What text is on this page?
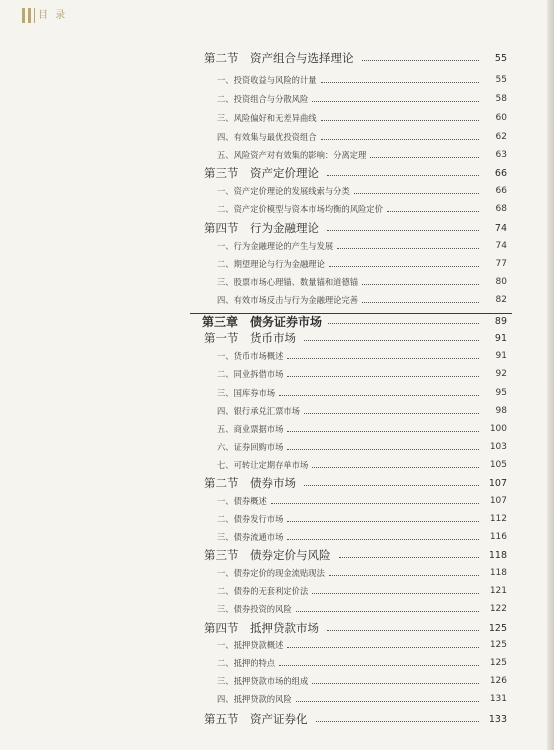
目 录
第二节　资产组合与选择理论	55
一、投资收益与风险的计量	55
二、投资组合与分散风险	58
三、风险偏好和无差异曲线	60
四、有效集与最优投资组合	62
五、风险资产对有效集的影响：分离定理	63
第三节　资产定价理论	66
一、资产定价理论的发展线索与分类	66
二、资产定价模型与资本市场均衡的风险定价	68
第四节　行为金融理论	74
一、行为金融理论的产生与发展	74
二、期望理论与行为金融理论	77
三、股票市场心理锚、数量锚和道德锚	80
四、有效市场反击与行为金融理论完善	82
第三章　债务证券市场	89
第一节　货币市场	91
一、货币市场概述	91
二、同业拆借市场	92
三、国库券市场	95
四、银行承兑汇票市场	98
五、商业票据市场	100
六、证券回购市场	103
七、可转让定期存单市场	105
第二节　债券市场	107
一、债券概述	107
二、债券发行市场	112
三、债券流通市场	116
第三节　债券定价与风险	118
一、债券定价的现金流贴现法	118
二、债券的无套利定价法	121
三、债券投资的风险	122
第四节　抵押贷款市场	125
一、抵押贷款概述	125
二、抵押的特点	125
三、抵押贷款市场的组成	126
四、抵押贷款的风险	131
第五节　资产证券化	133
